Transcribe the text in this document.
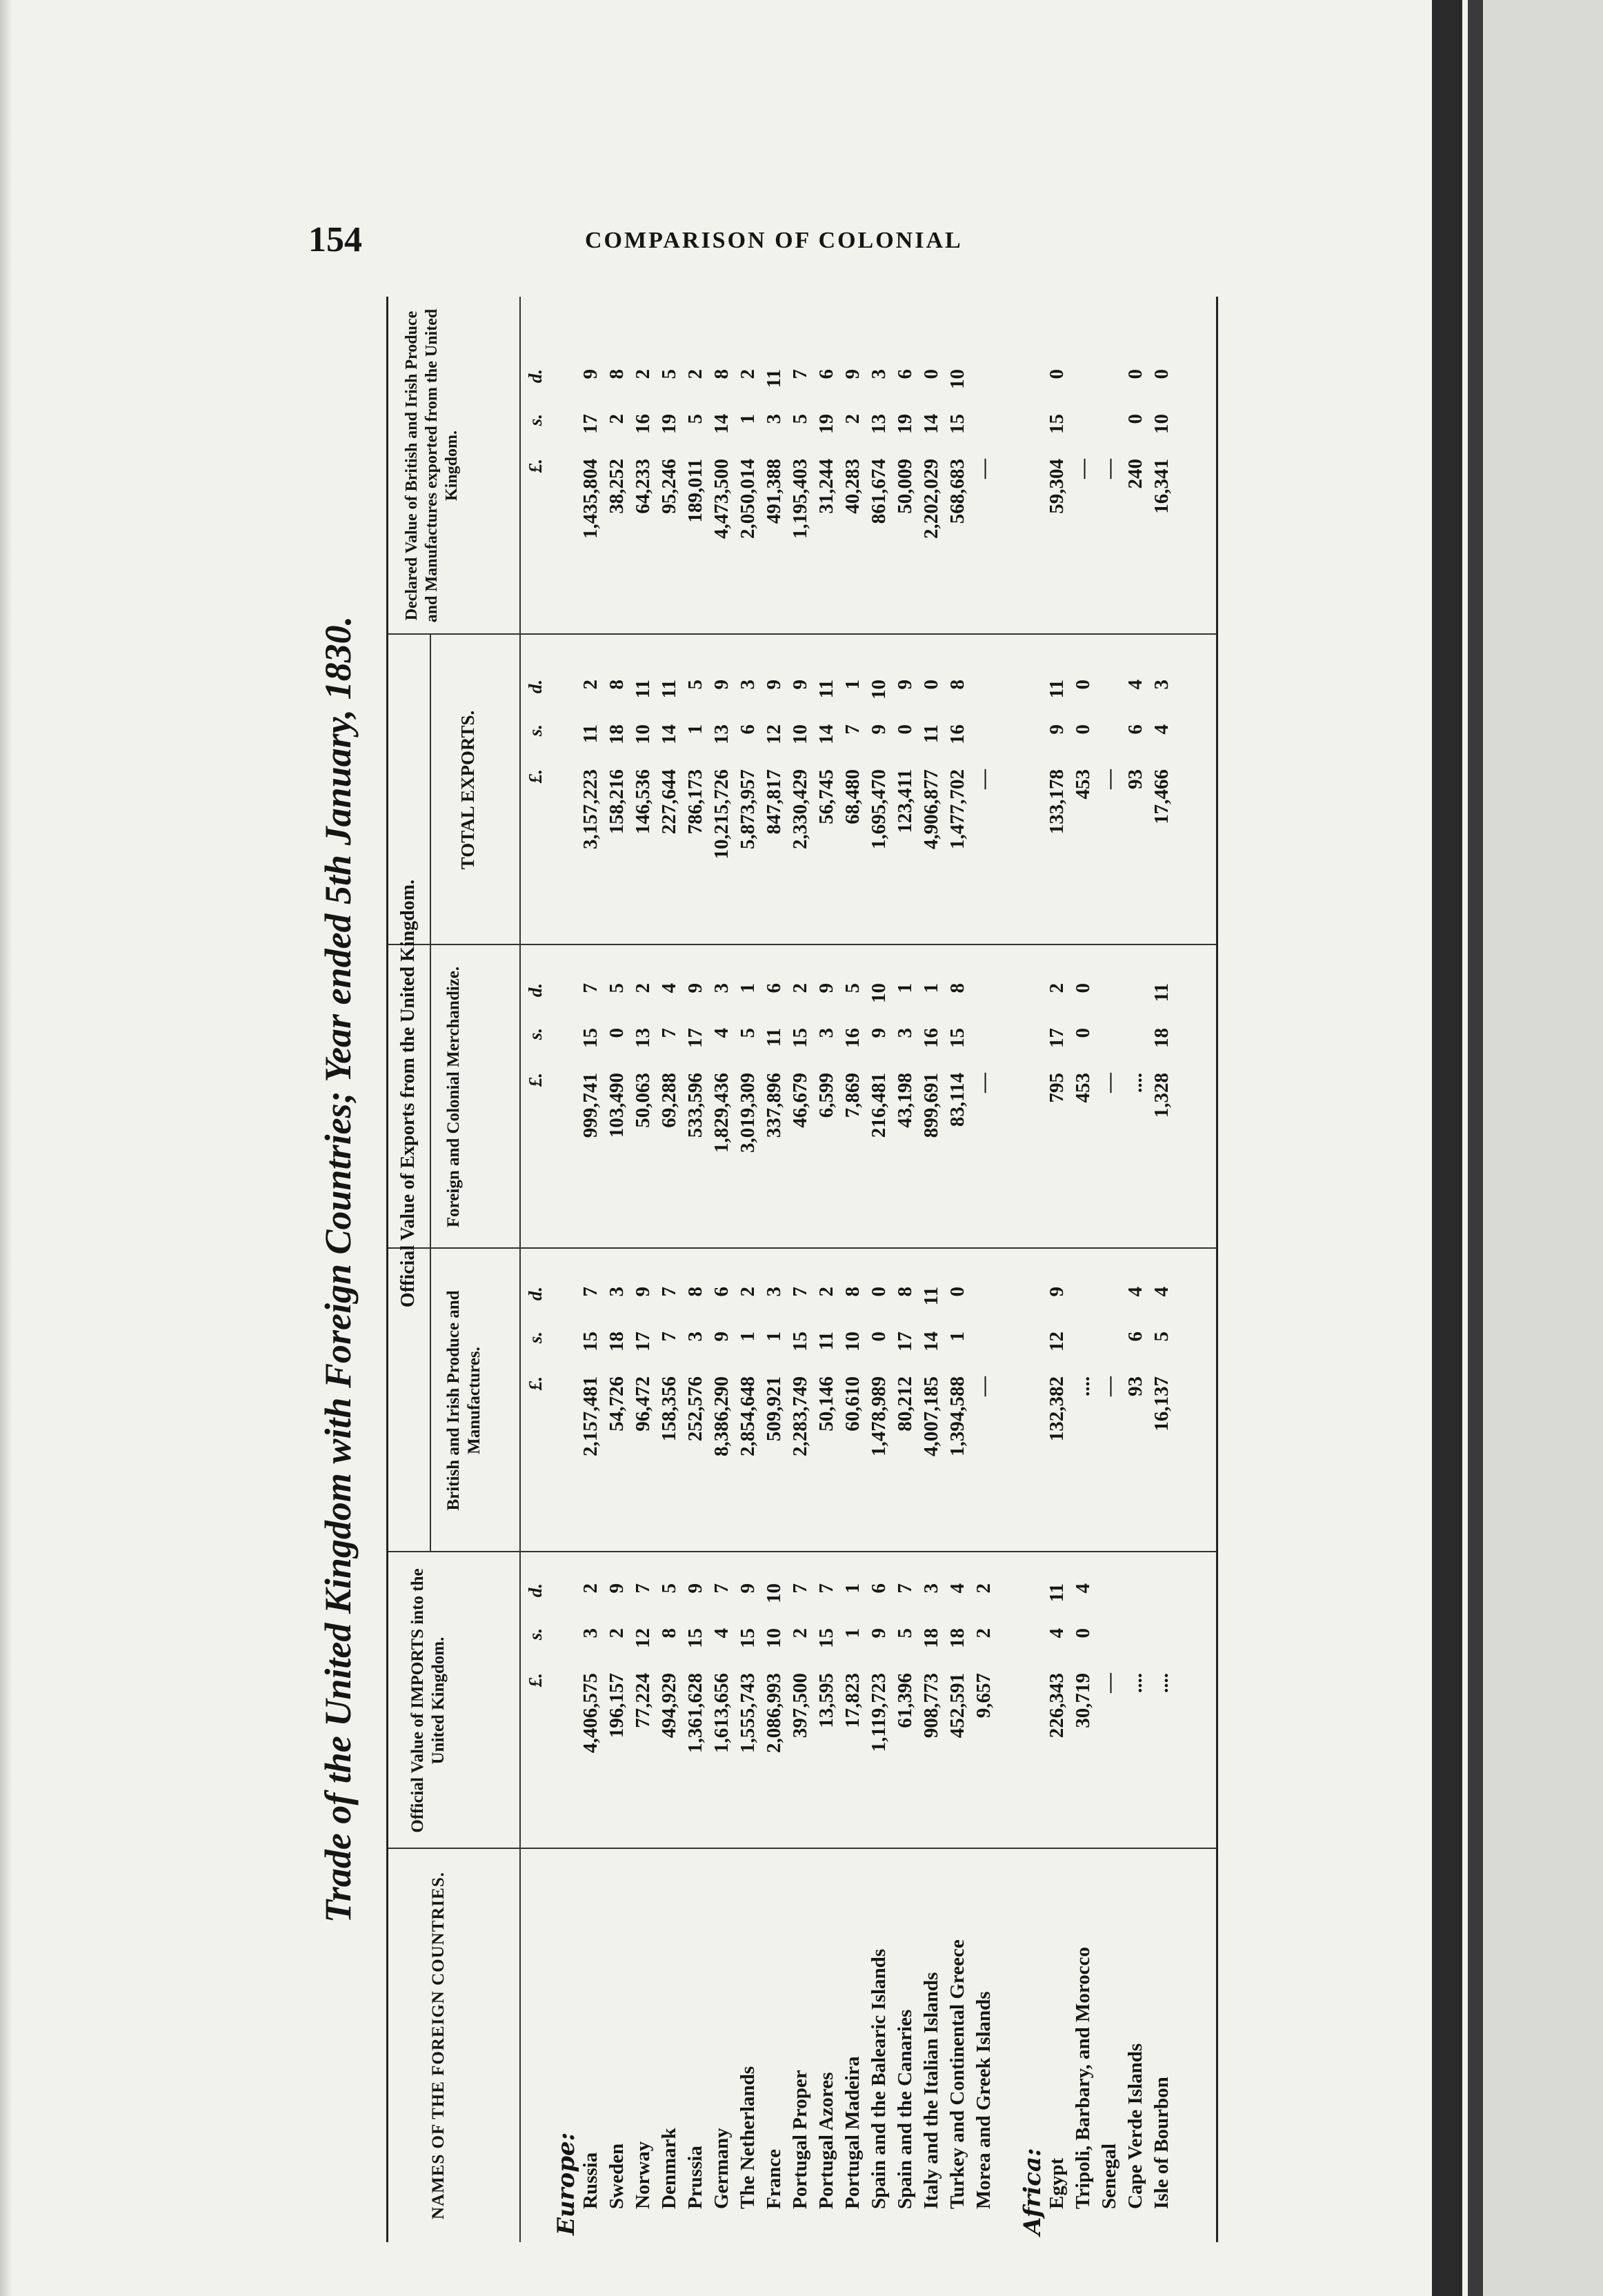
154	COMPARISON OF COLONIAL
Trade of the United Kingdom with Foreign Countries; Year ended 5th January, 1830.
NAMES OF THE FOREIGN COUNTRIES.
Official Value of IMPORTS into the United Kingdom.
Official Value of Exports from the United Kingdom.
British and Irish Produce and Manufactures.
Foreign and Colonial Merchandize.
TOTAL EXPORTS.
Declared Value of British and Irish Produce and Manufactures exported from the United Kingdom.
£.
s.
d.
£.
s.
d.
£.
s.
d.
£.
s.
d.
£.
s.
d.
Europe: Russia
4,406,575
3
2
2,157,481
15
7
999,741
15
7
3,157,223
11
2
1,435,804
17
9
Sweden
196,157
2
9
54,726
18
3
103,490
0
5
158,216
18
8
38,252
2
8
Norway
77,224
12
7
96,472
17
9
50,063
13
2
146,536
10
11
64,233
16
2
Denmark
494,929
8
5
158,356
7
7
69,288
7
4
227,644
14
11
95,246
19
5
Prussia
1,361,628
15
9
252,576
3
8
533,596
17
9
786,173
1
5
189,011
5
2
Germany
1,613,656
4
7
8,386,290
9
6
1,829,436
4
3
10,215,726
13
9
4,473,500
14
8
The Netherlands
1,555,743
15
9
2,854,648
1
2
3,019,309
5
1
5,873,957
6
3
2,050,014
1
2
France
2,086,993
10
10
509,921
1
3
337,896
11
6
847,817
12
9
491,388
3
11
Portugal Proper
397,500
2
7
2,283,749
15
7
46,679
15
2
2,330,429
10
9
1,195,403
5
7
Portugal Azores
13,595
15
7
50,146
11
2
6,599
3
9
56,745
14
11
31,244
19
6
Portugal Madeira
17,823
1
1
60,610
10
8
7,869
16
5
68,480
7
1
40,283
2
9
Spain and the Balearic Islands
1,119,723
9
6
1,478,989
0
0
216,481
9
10
1,695,470
9
10
861,674
13
3
Spain and the Canaries
61,396
5
7
80,212
17
8
43,198
3
1
123,411
0
9
50,009
19
6
Italy and the Italian Islands
908,773
18
3
4,007,185
14
11
899,691
16
1
4,906,877
11
0
2,202,029
14
0
Turkey and Continental Greece
452,591
18
4
1,394,588
1
0
83,114
15
8
1,477,702
16
8
568,683
15
10
Morea and Greek Islands
9,657
2
2
—
—
—
—
Africa: Egypt
226,343
4
11
132,382
12
9
795
17
2
133,178
9
11
59,304
15
0
Tripoli, Barbary, and Morocco
30,719
0
4
....
453
0
0
453
0
0
—
Senegal
—
—
—
—
—
Cape Verde Islands
....
93
6
4
....
93
6
4
240
0
0
Isle of Bourbon
....
16,137
5
4
1,328
18
11
17,466
4
3
16,341
10
0
